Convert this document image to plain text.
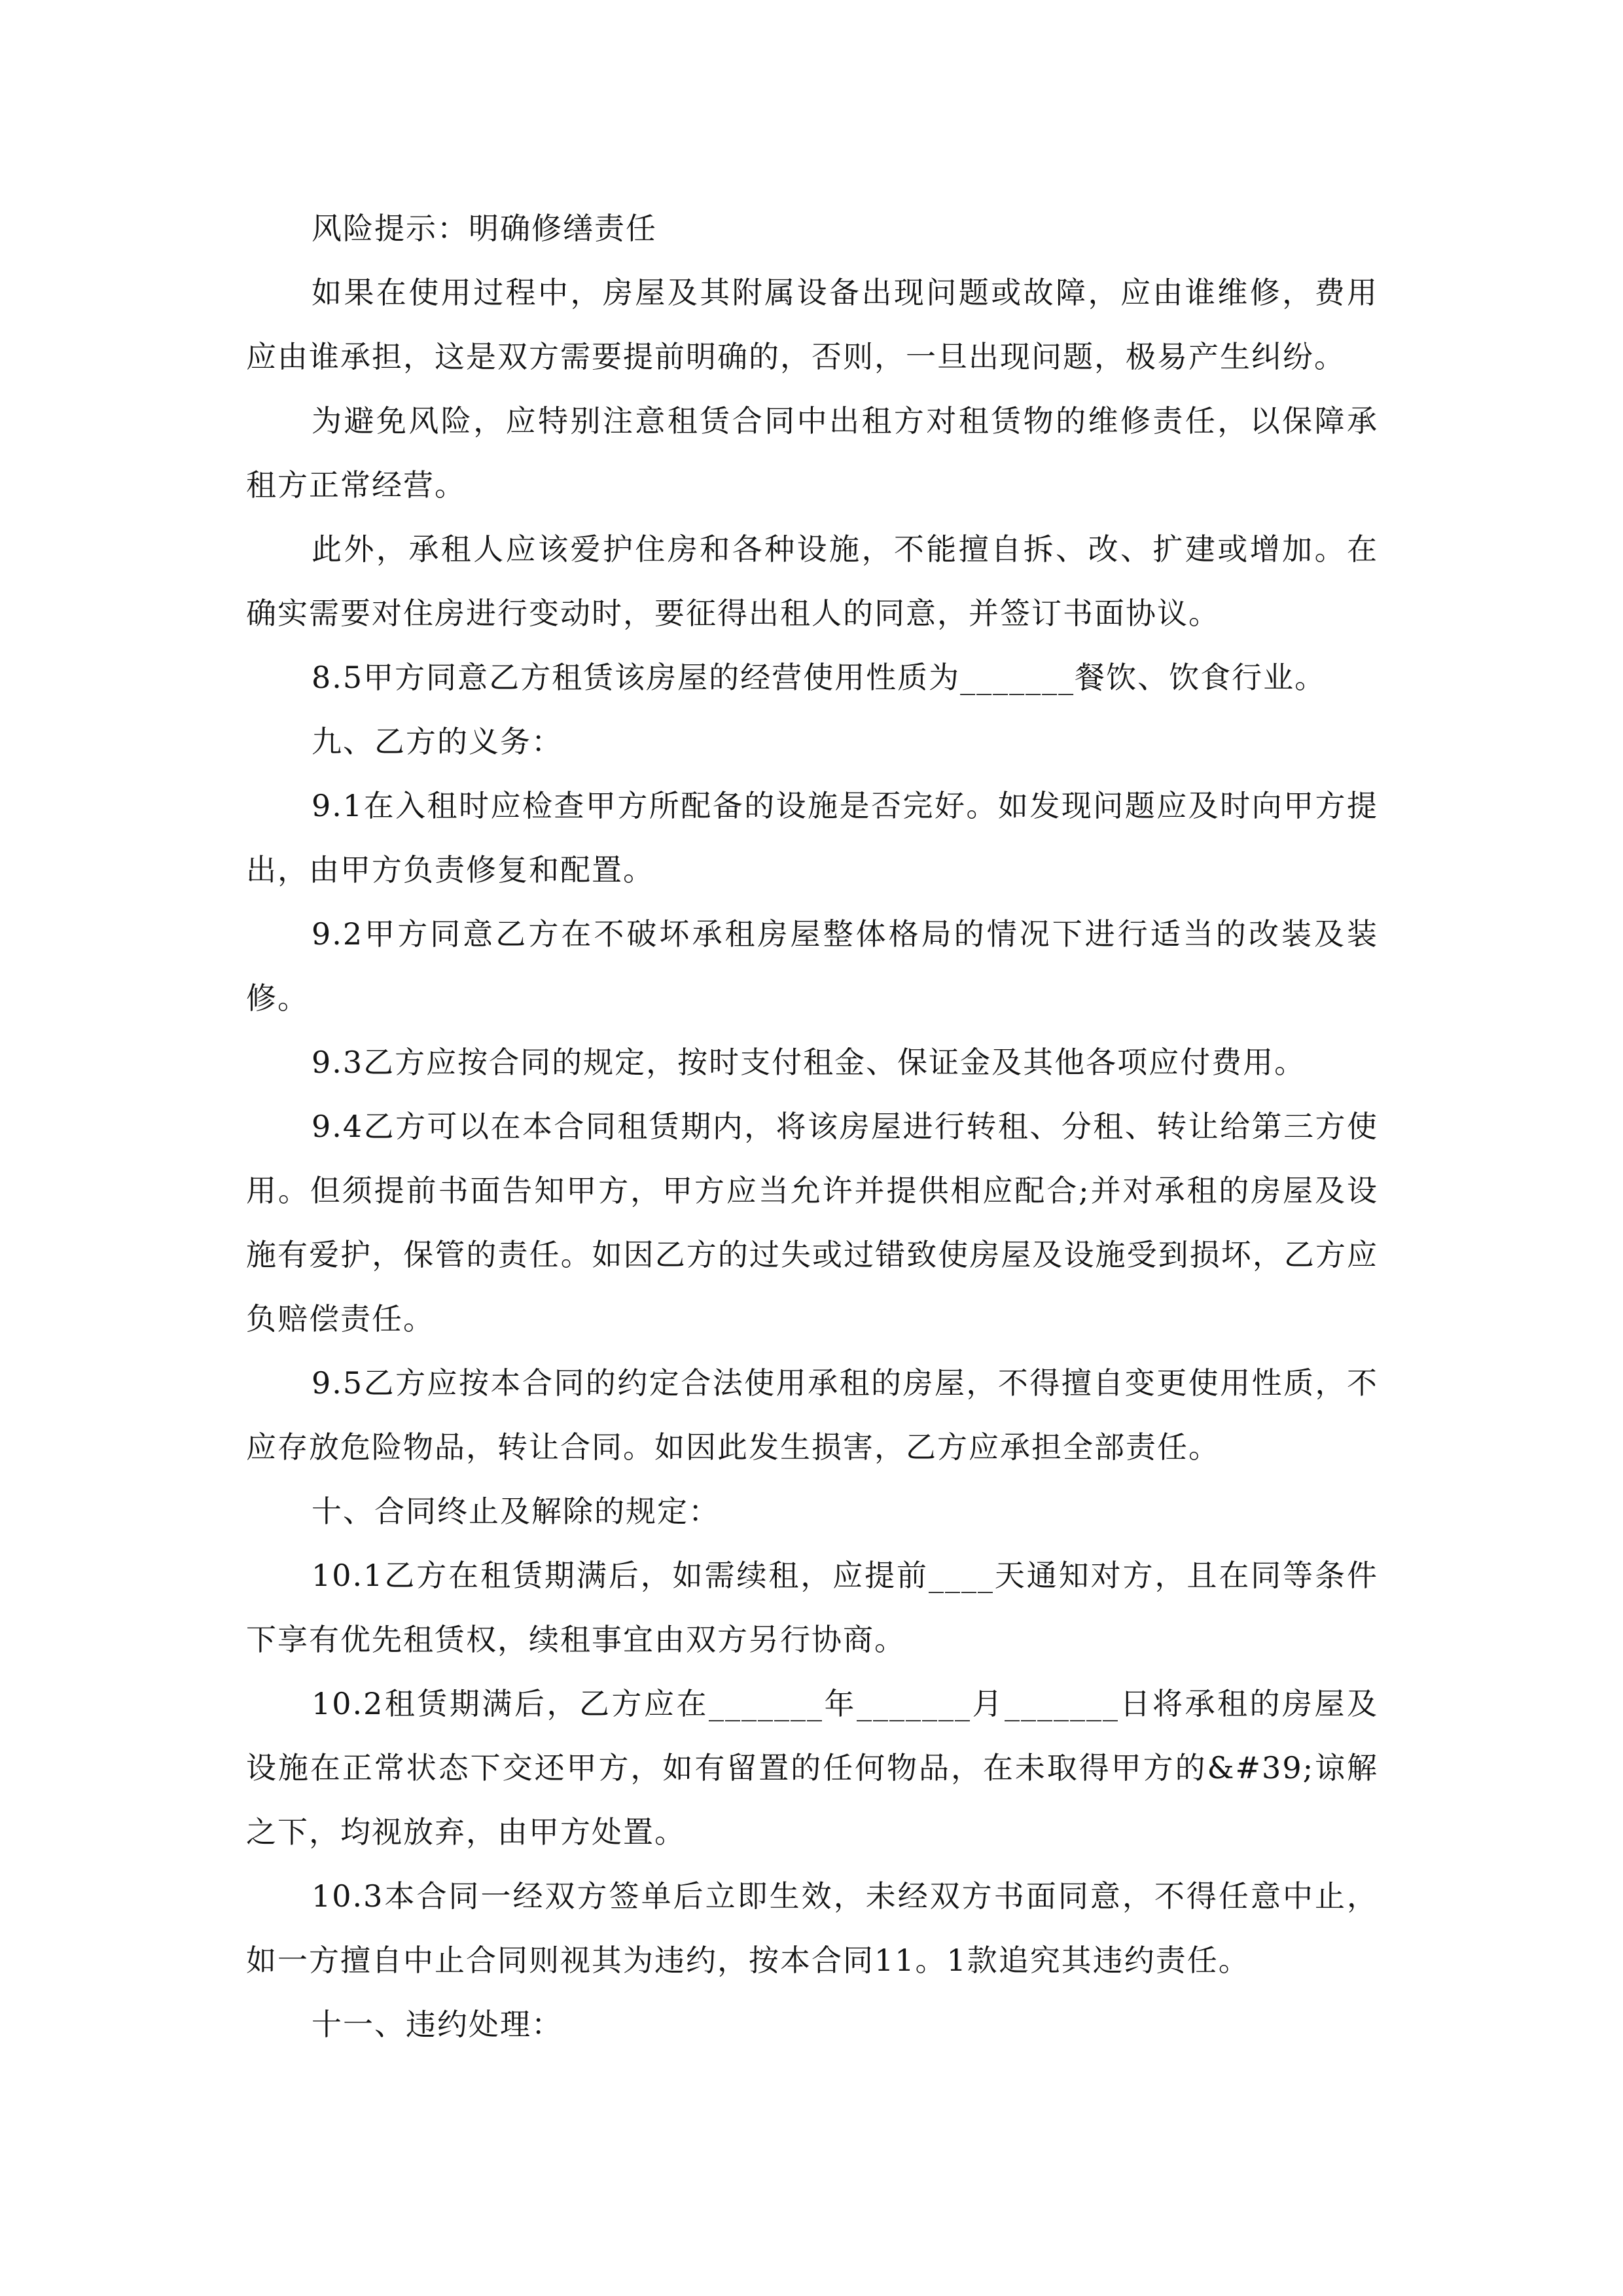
风险提示：明确修缮责任

如果在使用过程中，房屋及其附属设备出现问题或故障，应由谁维修，费用应由谁承担，这是双方需要提前明确的，否则，一旦出现问题，极易产生纠纷。

为避免风险，应特别注意租赁合同中出租方对租赁物的维修责任，以保障承租方正常经营。

此外，承租人应该爱护住房和各种设施，不能擅自拆、改、扩建或增加。在确实需要对住房进行变动时，要征得出租人的同意，并签订书面协议。

8.5甲方同意乙方租赁该房屋的经营使用性质为_______餐饮、饮食行业。

九、乙方的义务：

9.1在入租时应检查甲方所配备的设施是否完好。如发现问题应及时向甲方提出，由甲方负责修复和配置。

9.2甲方同意乙方在不破坏承租房屋整体格局的情况下进行适当的改装及装修。

9.3乙方应按合同的规定，按时支付租金、保证金及其他各项应付费用。

9.4乙方可以在本合同租赁期内，将该房屋进行转租、分租、转让给第三方使用。但须提前书面告知甲方，甲方应当允许并提供相应配合;并对承租的房屋及设施有爱护，保管的责任。如因乙方的过失或过错致使房屋及设施受到损坏，乙方应负赔偿责任。

9.5乙方应按本合同的约定合法使用承租的房屋，不得擅自变更使用性质，不应存放危险物品，转让合同。如因此发生损害，乙方应承担全部责任。

十、合同终止及解除的规定：

10.1乙方在租赁期满后，如需续租，应提前____天通知对方，且在同等条件下享有优先租赁权，续租事宜由双方另行协商。

10.2租赁期满后，乙方应在_______年_______月_______日将承租的房屋及设施在正常状态下交还甲方，如有留置的任何物品，在未取得甲方的&#39;谅解之下，均视放弃，由甲方处置。

10.3本合同一经双方签单后立即生效，未经双方书面同意，不得任意中止，如一方擅自中止合同则视其为违约，按本合同11。1款追究其违约责任。

十一、违约处理：
